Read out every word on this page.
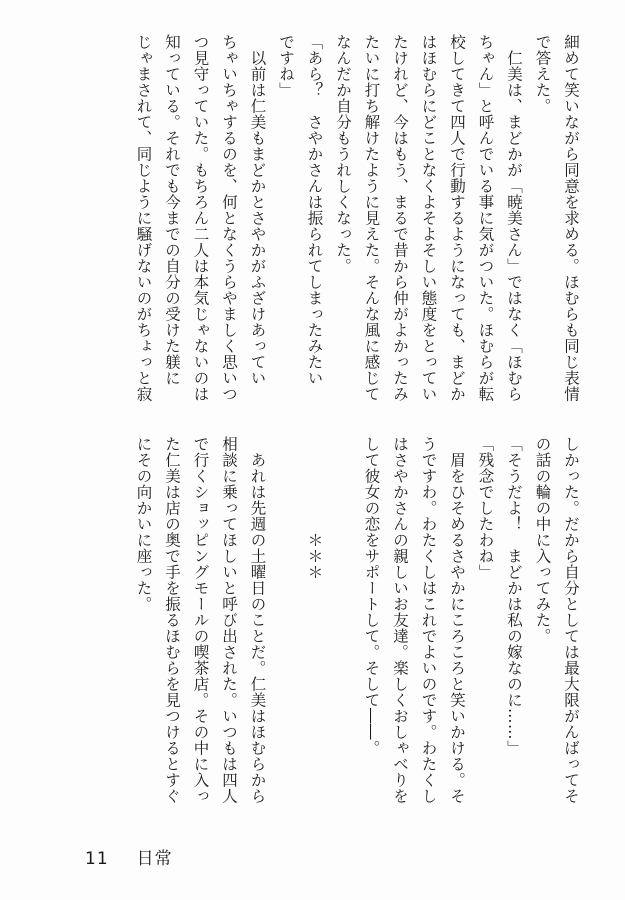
細めて笑いながら同意を求める。ほむらも同じ表情
で答えた。
　仁美は、まどかが「暁美さん」ではなく「ほむら
ちゃん」と呼んでいる事に気がついた。ほむらが転
校してきて四人で行動するようになっても、まどか
はほむらにどことなくよそよそしい態度をとってい
たけれど、今はもう、まるで昔から仲がよかったみ
たいに打ち解けたように見えた。そんな風に感じて
なんだか自分もうれしくなった。
「あら？　さやかさんは振られてしまったみたい
ですね」
　以前は仁美もまどかとさやかがふざけあってい
ちゃいちゃするのを、何となくうらやましく思いつ
つ見守っていた。もちろん二人は本気じゃないのは
知っている。それでも今までの自分の受けた躾に
じゃまされて、同じように騒げないのがちょっと寂
しかった。だから自分としては最大限がんばってそ
の話の輪の中に入ってみた。
「そうだよ！　まどかは私の嫁なのに……」
「残念でしたわね」
　眉をひそめるさやかにころころと笑いかける。そ
うですわ。わたくしはこれでよいのです。わたくし
はさやかさんの親しいお友達。楽しくおしゃべりを
して彼女の恋をサポートして。そして――。

　　　　　　＊＊＊

　あれは先週の土曜日のことだ。仁美はほむらから
相談に乗ってほしいと呼び出された。いつもは四人
で行くショッピングモールの喫茶店。その中に入っ
た仁美は店の奥で手を振るほむらを見つけるとすぐ
にその向かいに座った。
11 日常
